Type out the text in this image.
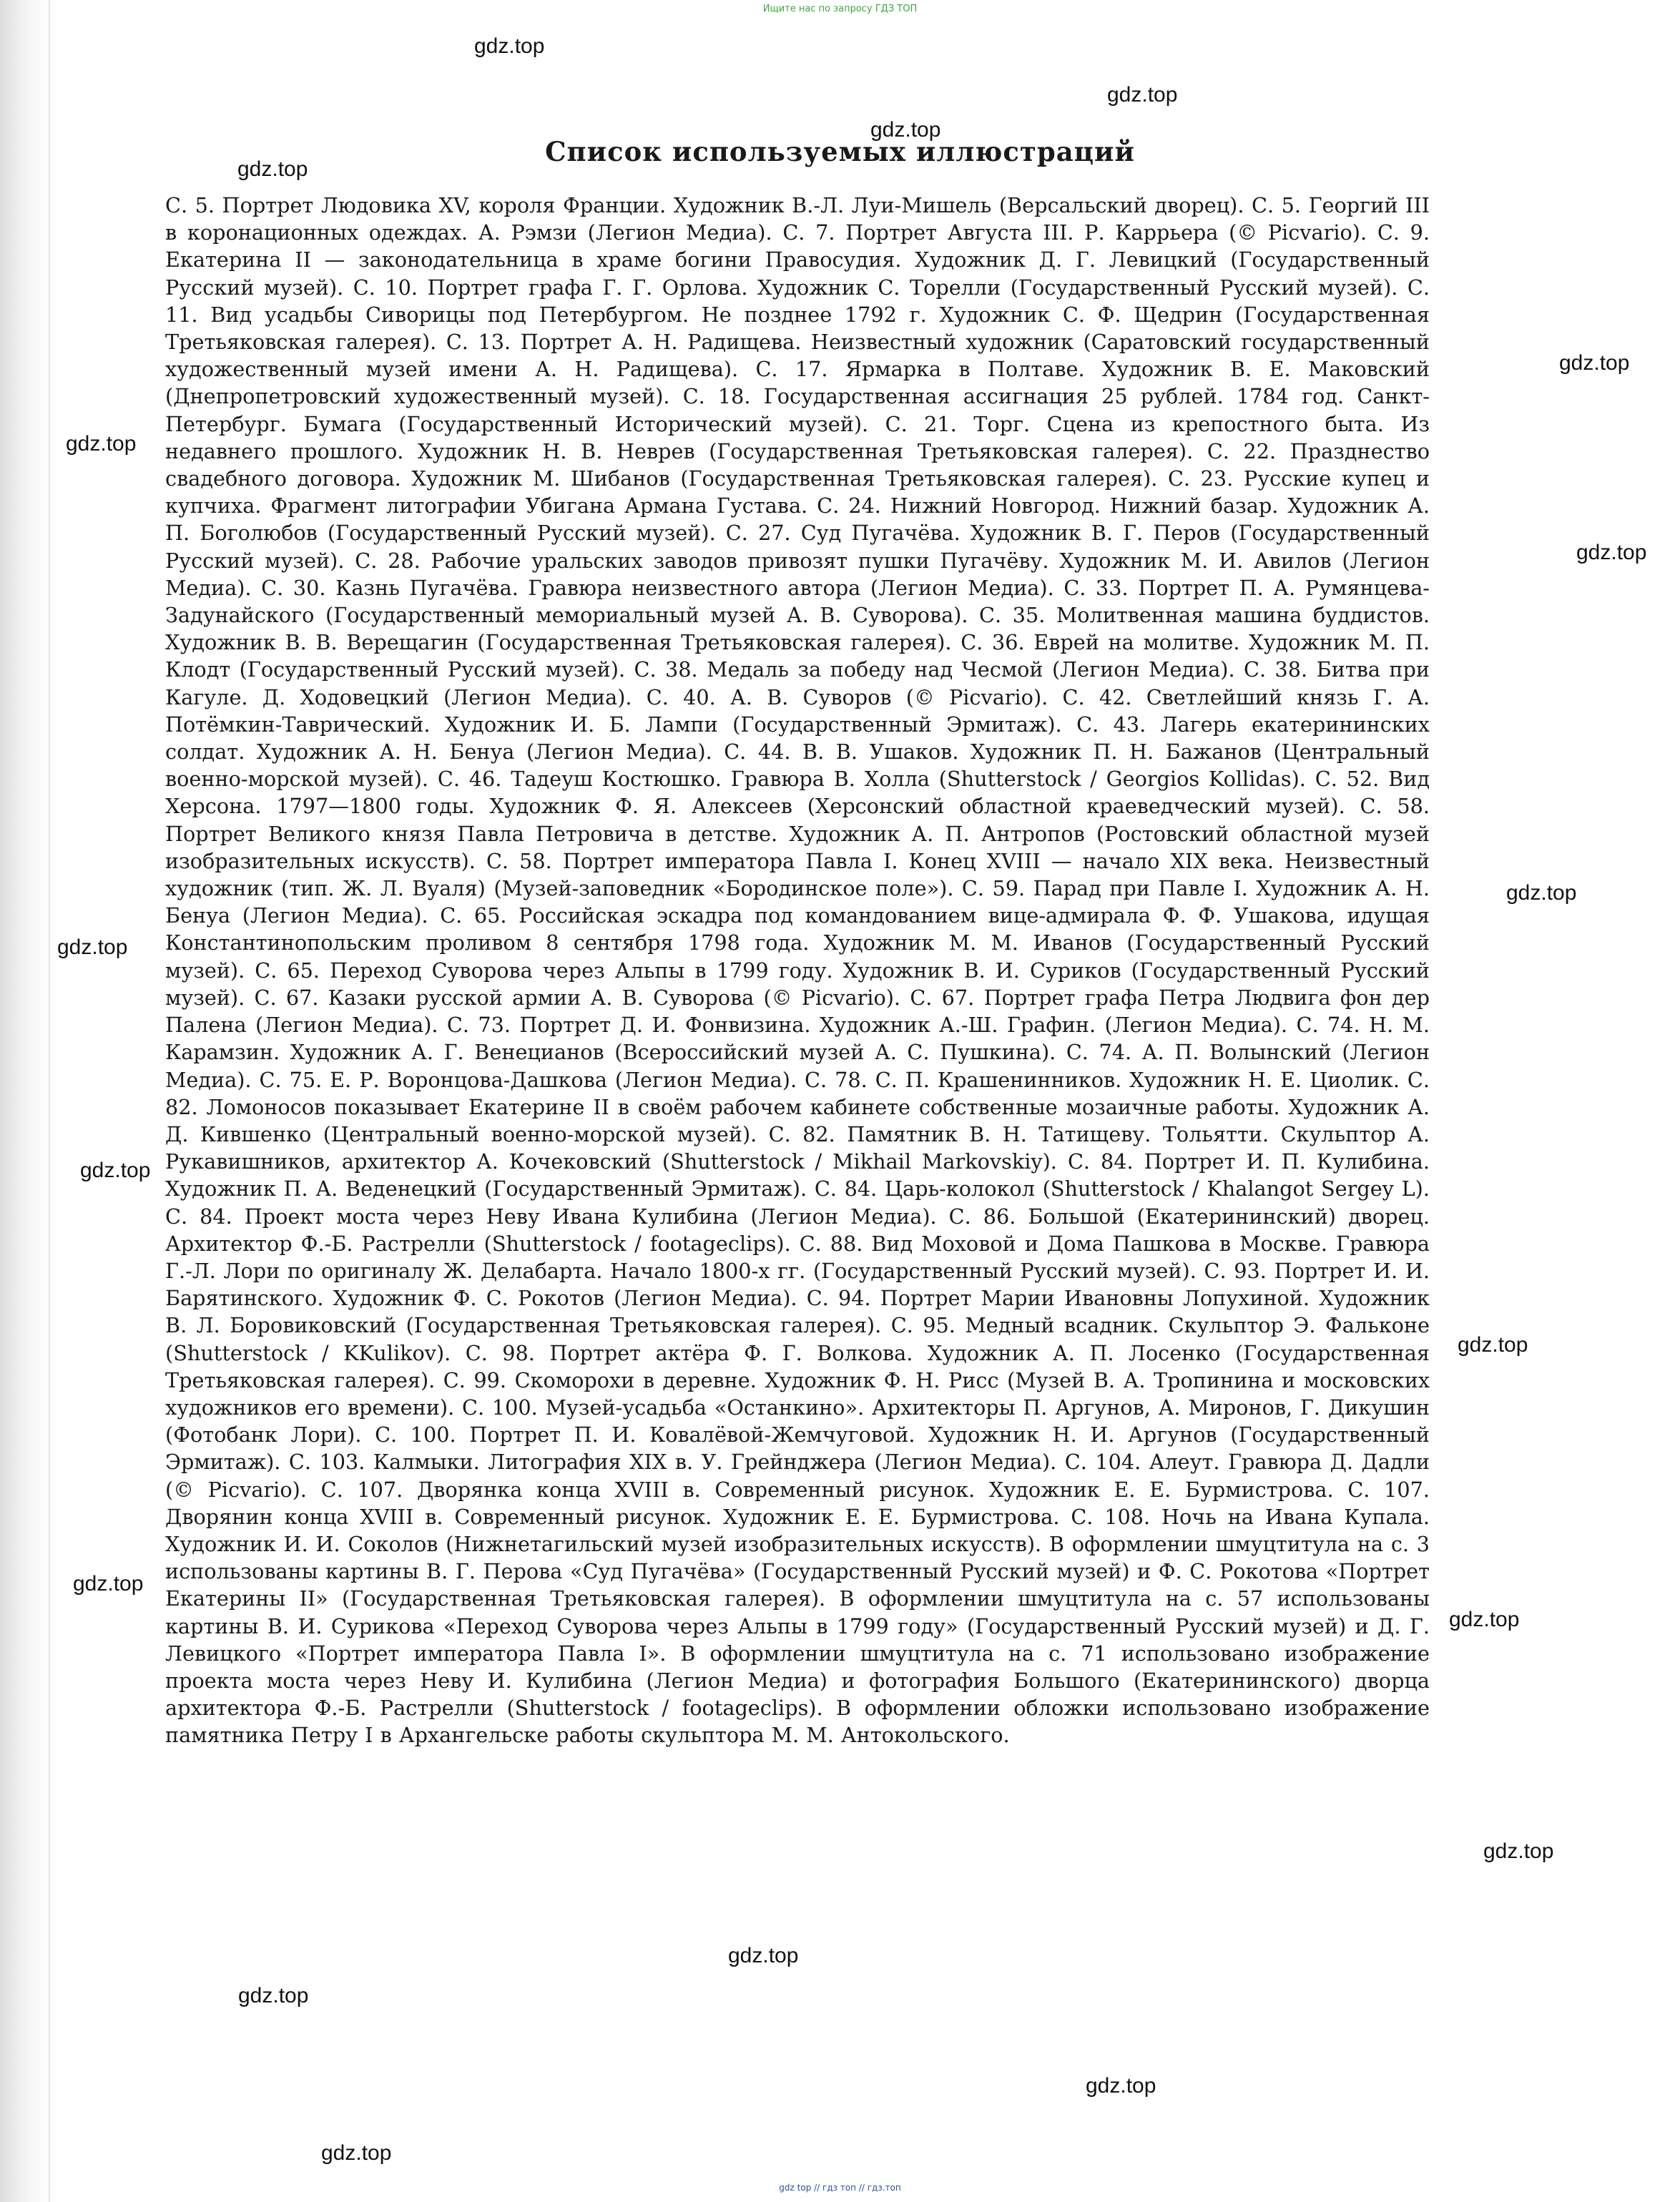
Ищите нас по запросу ГДЗ ТОП
Список используемых иллюстраций

С. 5. Портрет Людовика XV, короля Франции. Художник В.-Л. Луи-Мишель (Версальский дворец). С. 5. Георгий III в коронационных одеждах. А. Рэмзи (Легион Медиа). С. 7. Портрет Августа III. Р. Каррьера (© Picvario). С. 9. Екатерина II — законодательница в храме богини Правосудия. Художник Д. Г. Левицкий (Государственный Русский музей). С. 10. Портрет графа Г. Г. Орлова. Художник С. Торелли (Государственный Русский музей). С. 11. Вид усадьбы Сиворицы под Петербургом. Не позднее 1792 г. Художник С. Ф. Щедрин (Государственная Третьяковская галерея). С. 13. Портрет А. Н. Радищева. Неизвестный художник (Саратовский государственный художественный музей имени А. Н. Радищева). С. 17. Ярмарка в Полтаве. Художник В. Е. Маковский (Днепропетровский художественный музей). С. 18. Государственная ассигнация 25 рублей. 1784 год. Санкт-Петербург. Бумага (Государственный Исторический музей). С. 21. Торг. Сцена из крепостного быта. Из недавнего прошлого. Художник Н. В. Неврев (Государственная Третьяковская галерея). С. 22. Празднество свадебного договора. Художник М. Шибанов (Государственная Третьяковская галерея). С. 23. Русские купец и купчиха. Фрагмент литографии Убигана Армана Густава. С. 24. Нижний Новгород. Нижний базар. Художник А. П. Боголюбов (Государственный Русский музей). С. 27. Суд Пугачёва. Художник В. Г. Перов (Государственный Русский музей). С. 28. Рабочие уральских заводов привозят пушки Пугачёву. Художник М. И. Авилов (Легион Медиа). С. 30. Казнь Пугачёва. Гравюра неизвестного автора (Легион Медиа). С. 33. Портрет П. А. Румянцева-Задунайского (Государственный мемориальный музей А. В. Суворова). С. 35. Молитвенная машина буддистов. Художник В. В. Верещагин (Государственная Третьяковская галерея). С. 36. Еврей на молитве. Художник М. П. Клодт (Государственный Русский музей). С. 38. Медаль за победу над Чесмой (Легион Медиа). С. 38. Битва при Кагуле. Д. Ходовецкий (Легион Медиа). С. 40. А. В. Суворов (© Picvario). С. 42. Светлейший князь Г. А. Потёмкин-Таврический. Художник И. Б. Лампи (Государственный Эрмитаж). С. 43. Лагерь екатерининских солдат. Художник А. Н. Бенуа (Легион Медиа). С. 44. В. В. Ушаков. Художник П. Н. Бажанов (Центральный военно-морской музей). С. 46. Тадеуш Костюшко. Гравюра В. Холла (Shutterstock / Georgios Kollidas). С. 52. Вид Херсона. 1797—1800 годы. Художник Ф. Я. Алексеев (Херсонский областной краеведческий музей). С. 58. Портрет Великого князя Павла Петровича в детстве. Художник А. П. Антропов (Ростовский областной музей изобразительных искусств). С. 58. Портрет императора Павла I. Конец XVIII — начало XIX века. Неизвестный художник (тип. Ж. Л. Вуаля) (Музей-заповедник «Бородинское поле»). С. 59. Парад при Павле I. Художник А. Н. Бенуа (Легион Медиа). С. 65. Российская эскадра под командованием вице-адмирала Ф. Ф. Ушакова, идущая Константинопольским проливом 8 сентября 1798 года. Художник М. М. Иванов (Государственный Русский музей). С. 65. Переход Суворова через Альпы в 1799 году. Художник В. И. Суриков (Государственный Русский музей). С. 67. Казаки русской армии А. В. Суворова (© Picvario). С. 67. Портрет графа Петра Людвига фон дер Палена (Легион Медиа). С. 73. Портрет Д. И. Фонвизина. Художник А.-Ш. Графин. (Легион Медиа). С. 74. Н. М. Карамзин. Художник А. Г. Венецианов (Всероссийский музей А. С. Пушкина). С. 74. А. П. Волынский (Легион Медиа). С. 75. Е. Р. Воронцова-Дашкова (Легион Медиа). С. 78. С. П. Крашенинников. Художник Н. Е. Циолик. С. 82. Ломоносов показывает Екатерине II в своём рабочем кабинете собственные мозаичные работы. Художник А. Д. Кившенко (Центральный военно-морской музей). С. 82. Памятник В. Н. Татищеву. Тольятти. Скульптор А. Рукавишников, архитектор А. Кочековский (Shutterstock / Mikhail Markovskiy). С. 84. Портрет И. П. Кулибина. Художник П. А. Веденецкий (Государственный Эрмитаж). С. 84. Царь-колокол (Shutterstock / Khalangot Sergey L). С. 84. Проект моста через Неву Ивана Кулибина (Легион Медиа). С. 86. Большой (Екатерининский) дворец. Архитектор Ф.-Б. Растрелли (Shutterstock / footageclips). С. 88. Вид Моховой и Дома Пашкова в Москве. Гравюра Г.-Л. Лори по оригиналу Ж. Делабарта. Начало 1800-х гг. (Государственный Русский музей). С. 93. Портрет И. И. Барятинского. Художник Ф. С. Рокотов (Легион Медиа). С. 94. Портрет Марии Ивановны Лопухиной. Художник В. Л. Боровиковский (Государственная Третьяковская галерея). С. 95. Медный всадник. Скульптор Э. Фальконе (Shutterstock / KKulikov). С. 98. Портрет актёра Ф. Г. Волкова. Художник А. П. Лосенко (Государственная Третьяковская галерея). С. 99. Скоморохи в деревне. Художник Ф. Н. Рисс (Музей В. А. Тропинина и московских художников его времени). С. 100. Музей-усадьба «Останкино». Архитекторы П. Аргунов, А. Миронов, Г. Дикушин (Фотобанк Лори). С. 100. Портрет П. И. Ковалёвой-Жемчуговой. Художник Н. И. Аргунов (Государственный Эрмитаж). С. 103. Калмыки. Литография XIX в. У. Грейнджера (Легион Медиа). С. 104. Алеут. Гравюра Д. Дадли (© Picvario). С. 107. Дворянка конца XVIII в. Современный рисунок. Художник Е. Е. Бурмистрова. С. 107. Дворянин конца XVIII в. Современный рисунок. Художник Е. Е. Бурмистрова. С. 108. Ночь на Ивана Купала. Художник И. И. Соколов (Нижнетагильский музей изобразительных искусств). В оформлении шмуцтитула на с. 3 использованы картины В. Г. Перова «Суд Пугачёва» (Государственный Русский музей) и Ф. С. Рокотова «Портрет Екатерины II» (Государственная Третьяковская галерея). В оформлении шмуцтитула на с. 57 использованы картины В. И. Сурикова «Переход Суворова через Альпы в 1799 году» (Государственный Русский музей) и Д. Г. Левицкого «Портрет императора Павла I». В оформлении шмуцтитула на с. 71 использовано изображение проекта моста через Неву И. Кулибина (Легион Медиа) и фотография Большого (Екатерининского) дворца архитектора Ф.-Б. Растрелли (Shutterstock / footageclips). В оформлении обложки использовано изображение памятника Петру I в Архангельске работы скульптора М. М. Антокольского.

gdz.top
gdz.top
gdz.top
gdz.top
gdz.top
gdz.top
gdz.top
gdz.top
gdz.top
gdz.top
gdz.top
gdz.top
gdz.top
gdz.top
gdz.top
gdz.top
gdz.top
gdz.top
gdz top // гдз топ // гдз.топ
